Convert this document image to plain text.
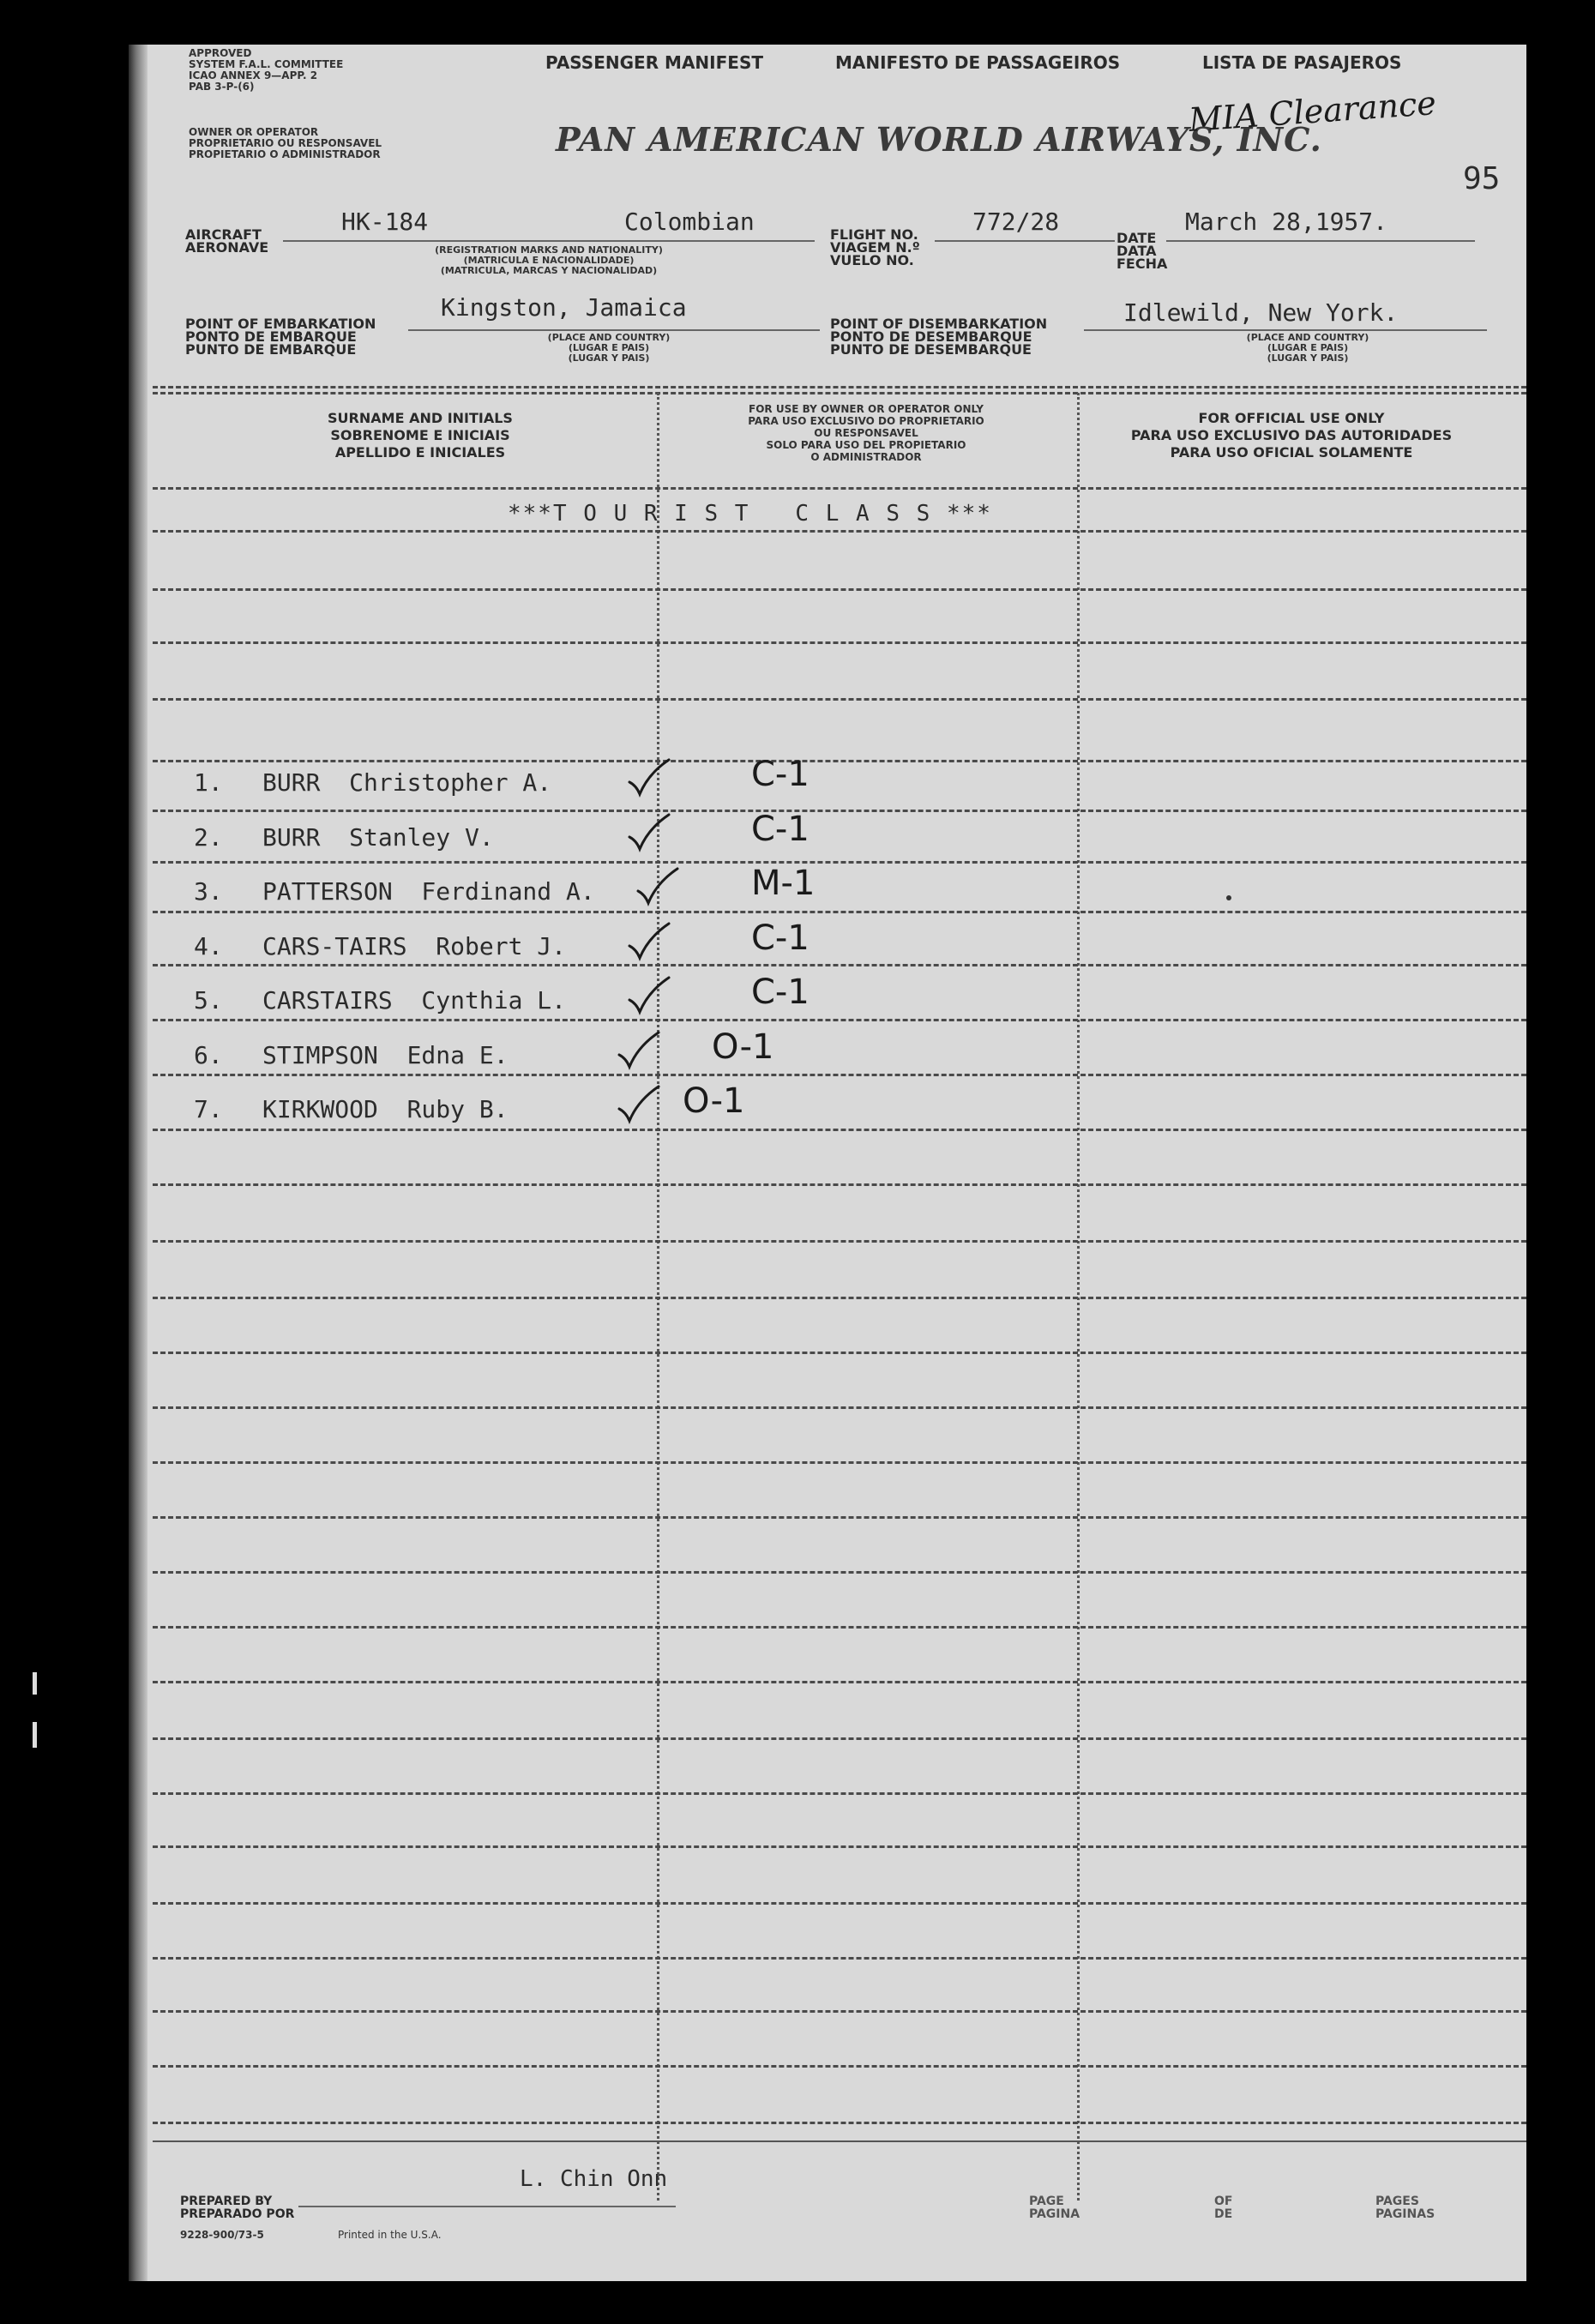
APPROVED
SYSTEM F.A.L. COMMITTEE
ICAO ANNEX 9—APP. 2
PAB 3-P-(6)
OWNER OR OPERATOR
PROPRIETARIO OU RESPONSAVEL
PROPIETARIO O ADMINISTRADOR
PASSENGER MANIFEST	MANIFESTO DE PASSAGEIROS	LISTA DE PASAJEROS
PAN AMERICAN WORLD AIRWAYS, INC.
MIA Clearance
95
AIRCRAFT
AERONAVE
HK-184	Colombian
(REGISTRATION MARKS AND NATIONALITY)
(MATRICULA E NACIONALIDADE)
(MATRICULA, MARCAS Y NACIONALIDAD)
FLIGHT NO.
VIAGEM N.º
VUELO NO.
772/28
DATE
DATA
FECHA
March 28,1957.
POINT OF EMBARKATION
PONTO DE EMBARQUE
PUNTO DE EMBARQUE
Kingston, Jamaica
(PLACE AND COUNTRY)
(LUGAR E PAIS)
(LUGAR Y PAIS)
POINT OF DISEMBARKATION
PONTO DE DESEMBARQUE
PUNTO DE DESEMBARQUE
Idlewild, New York.
(PLACE AND COUNTRY)
(LUGAR E PAIS)
(LUGAR Y PAIS)
SURNAME AND INITIALS
SOBRENOME E INICIAIS
APELLIDO E INICIALES
FOR USE BY OWNER OR OPERATOR ONLY
PARA USO EXCLUSIVO DO PROPRIETARIO
OU RESPONSAVEL
SOLO PARA USO DEL PROPIETARIO
O ADMINISTRADOR
FOR OFFICIAL USE ONLY
PARA USO EXCLUSIVO DAS AUTORIDADES
PARA USO OFICIAL SOLAMENTE
***T O U R I S T   C L A S S ***
1. BURR  Christopher A.	C-1
2. BURR  Stanley V.	C-1
3. PATTERSON  Ferdinand A.	M-1
4. CARS-TAIRS  Robert J.	C-1
5. CARSTAIRS  Cynthia L.	C-1
6. STIMPSON  Edna E.	O-1
7. KIRKWOOD  Ruby B.	O-1
PREPARED BY
PREPARADO POR
L. Chin Onn
9228-900/73-5	Printed in the U.S.A.
PAGE
PAGINA
OF
DE
PAGES
PAGINAS
